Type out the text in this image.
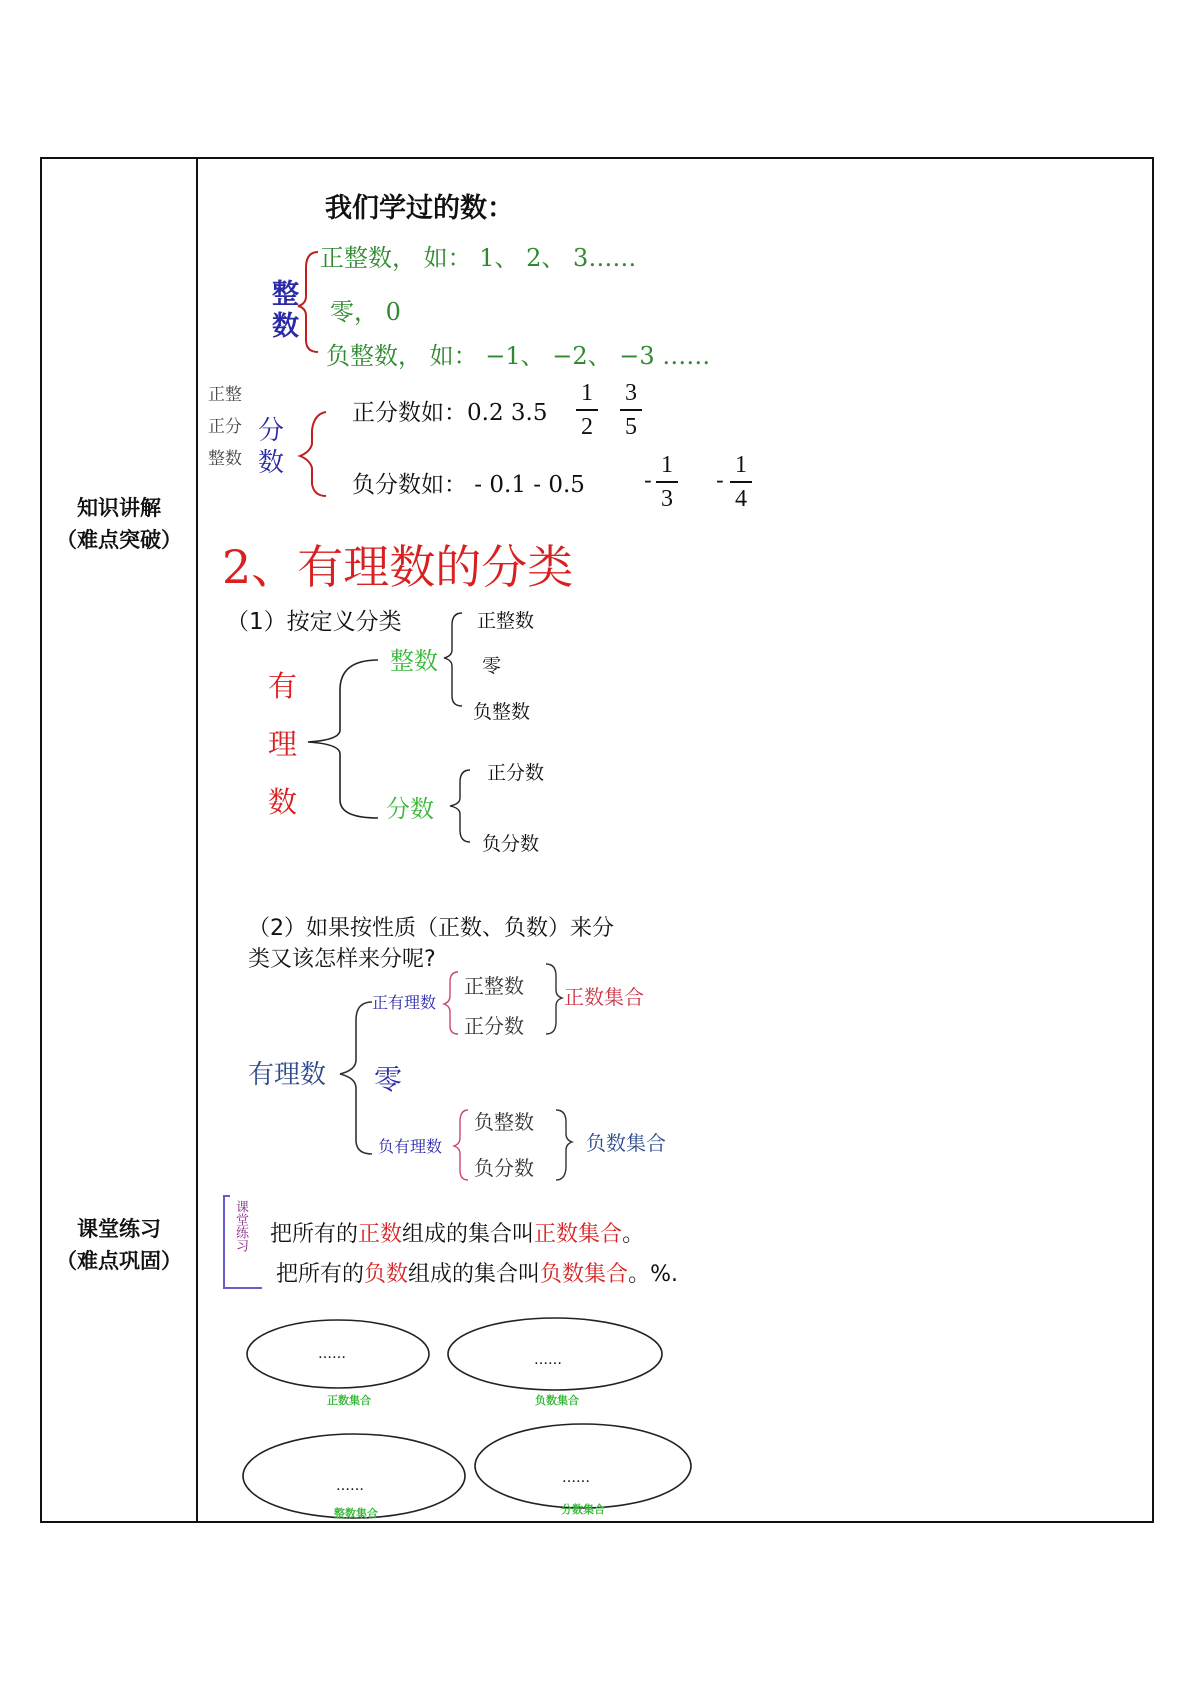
知识讲解
（难点突破）
课堂练习
（难点巩固）
我们学过的数：
整
数
正整数， 如： 1、 2、 3……
零， 0
负整数， 如： −1、 −2、 −3 ……
正整
正分
整数
分
数
正分数如：0.2 3.5
1
2
3
5
负分数如： - 0.1 - 0.5	-
1
3
-
1
4
2、有理数的分类
（1）按定义分类
有
理
数
整数
分数
正整数
零
负整数
正分数
负分数
（2）如果按性质（正数、负数）来分
类又该怎样来分呢?
有理数
正有理数
零
负有理数
正整数
正分数
负整数
负分数
正数集合
负数集合
课堂练习 把所有的正数组成的集合叫正数集合。
把所有的负数组成的集合叫负数集合。%.
……
正数集合
……
负数集合
……
整数集合
……
分数集合
